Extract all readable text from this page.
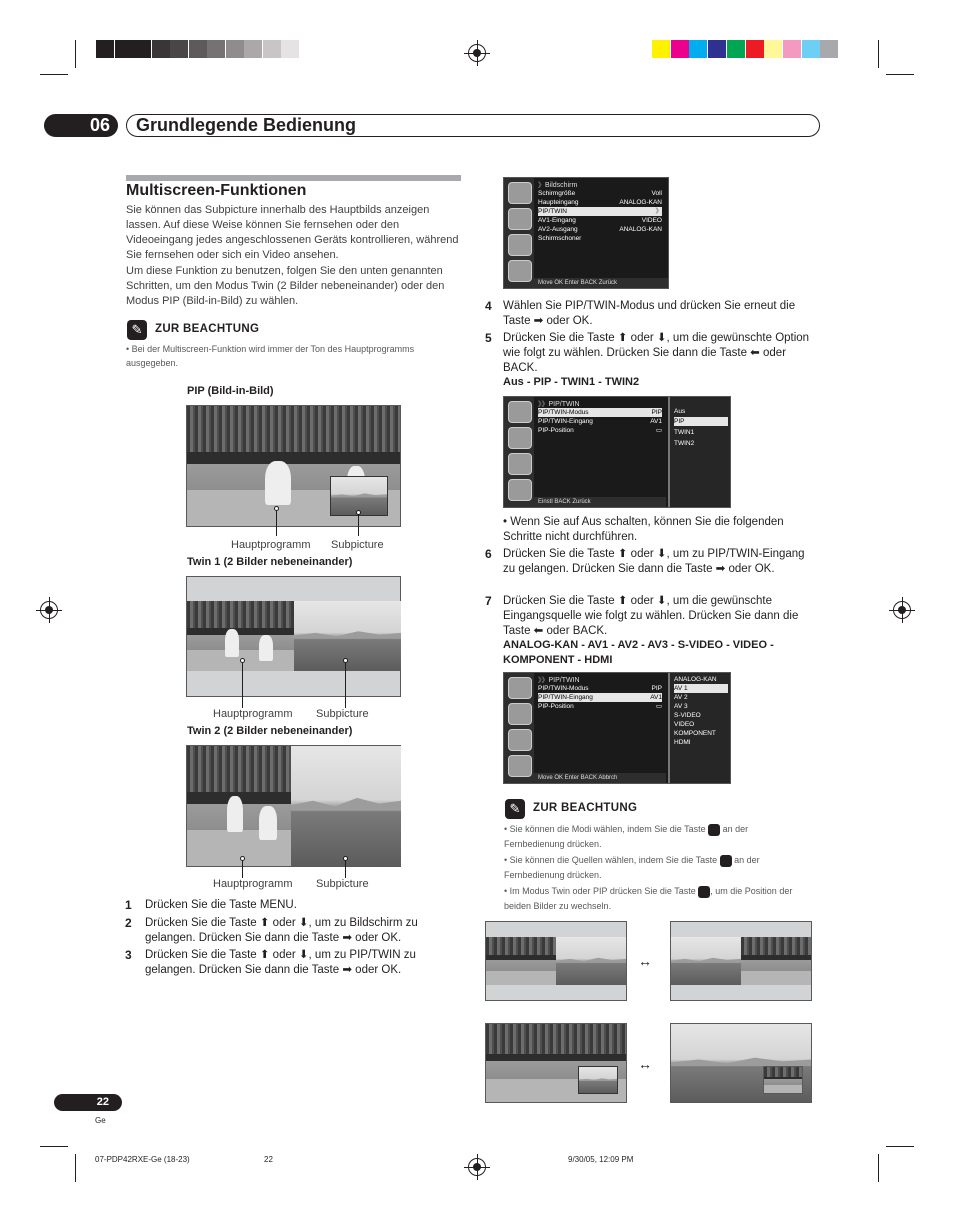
06	Grundlegende Bedienung
Multiscreen-Funktionen

Sie können das Subpicture innerhalb des Hauptbilds anzeigen lassen. Auf diese Weise können Sie fernsehen oder den Videoeingang jedes angeschlossenen Geräts kontrollieren, während Sie fernsehen oder sich ein Video ansehen.

Um diese Funktion zu benutzen, folgen Sie den unten genannten Schritten, um den Modus Twin (2 Bilder nebeneinander) oder den Modus PIP (Bild-in-Bild) zu wählen.

✎	ZUR BEACHTUNG
• Bei der Multiscreen-Funktion wird immer der Ton des Hauptprogramms ausgegeben.
PIP (Bild-in-Bild)
Hauptprogramm Subpicture
Twin 1 (2 Bilder nebeneinander)
Hauptprogramm Subpicture
Twin 2 (2 Bilder nebeneinander)
Hauptprogramm Subpicture
1 Drücken Sie die Taste MENU.
2 Drücken Sie die Taste ⬆ oder ⬇, um zu Bildschirm zu gelangen. Drücken Sie dann die Taste ➡ oder OK.
3 Drücken Sie die Taste ⬆ oder ⬇, um zu PIP/TWIN zu gelangen. Drücken Sie dann die Taste ➡ oder OK.
》Bildschirm
Schirmgröße	Voll
Haupteingang	ANALOG-KAN
PIP/TWIN	》
AV1-Eingang	VIDEO
AV2-Ausgang	ANALOG-KAN
Schirmschoner
Move OK Enter BACK Zurück
4 Wählen Sie PIP/TWIN-Modus und drücken Sie erneut die Taste ➡ oder OK.
5 Drücken Sie die Taste ⬆ oder ⬇, um die gewünschte Option wie folgt zu wählen. Drücken Sie dann die Taste ⬅ oder BACK.
Aus - PIP - TWIN1 - TWIN2
》》PIP/TWIN
PIP/TWIN-Modus	PIP
PIP/TWIN-Eingang	AV1
PIP-Position	▭
Aus
PIP
TWIN1
TWIN2
Einstl BACK Zurück
• Wenn Sie auf Aus schalten, können Sie die folgenden Schritte nicht durchführen.
6 Drücken Sie die Taste ⬆ oder ⬇, um zu PIP/TWIN-Eingang zu gelangen. Drücken Sie dann die Taste ➡ oder OK.
7 Drücken Sie die Taste ⬆ oder ⬇, um die gewünschte Eingangsquelle wie folgt zu wählen. Drücken Sie dann die Taste ⬅ oder BACK.
ANALOG-KAN - AV1 - AV2 - AV3 - S-VIDEO - VIDEO - KOMPONENT - HDMI
》》PIP/TWIN
PIP/TWIN-Modus	PIP
PIP/TWIN-Eingang	AV1
PIP-Position	▭
ANALOG-KAN
AV 1
AV 2
AV 3
S-VIDEO
VIDEO
KOMPONENT
HDMI
Move OK Enter BACK Abbrch
✎	ZUR BEACHTUNG
• Sie können die Modi wählen, indem Sie die Taste an der Fernbedienung drücken.
• Sie können die Quellen wählen, indem Sie die Taste an der Fernbedienung drücken.
• Im Modus Twin oder PIP drücken Sie die Taste , um die Position der beiden Bilder zu wechseln.
↔
↔
22
Ge
07-PDP42RXE-Ge (18-23)	22	9/30/05, 12:09 PM
